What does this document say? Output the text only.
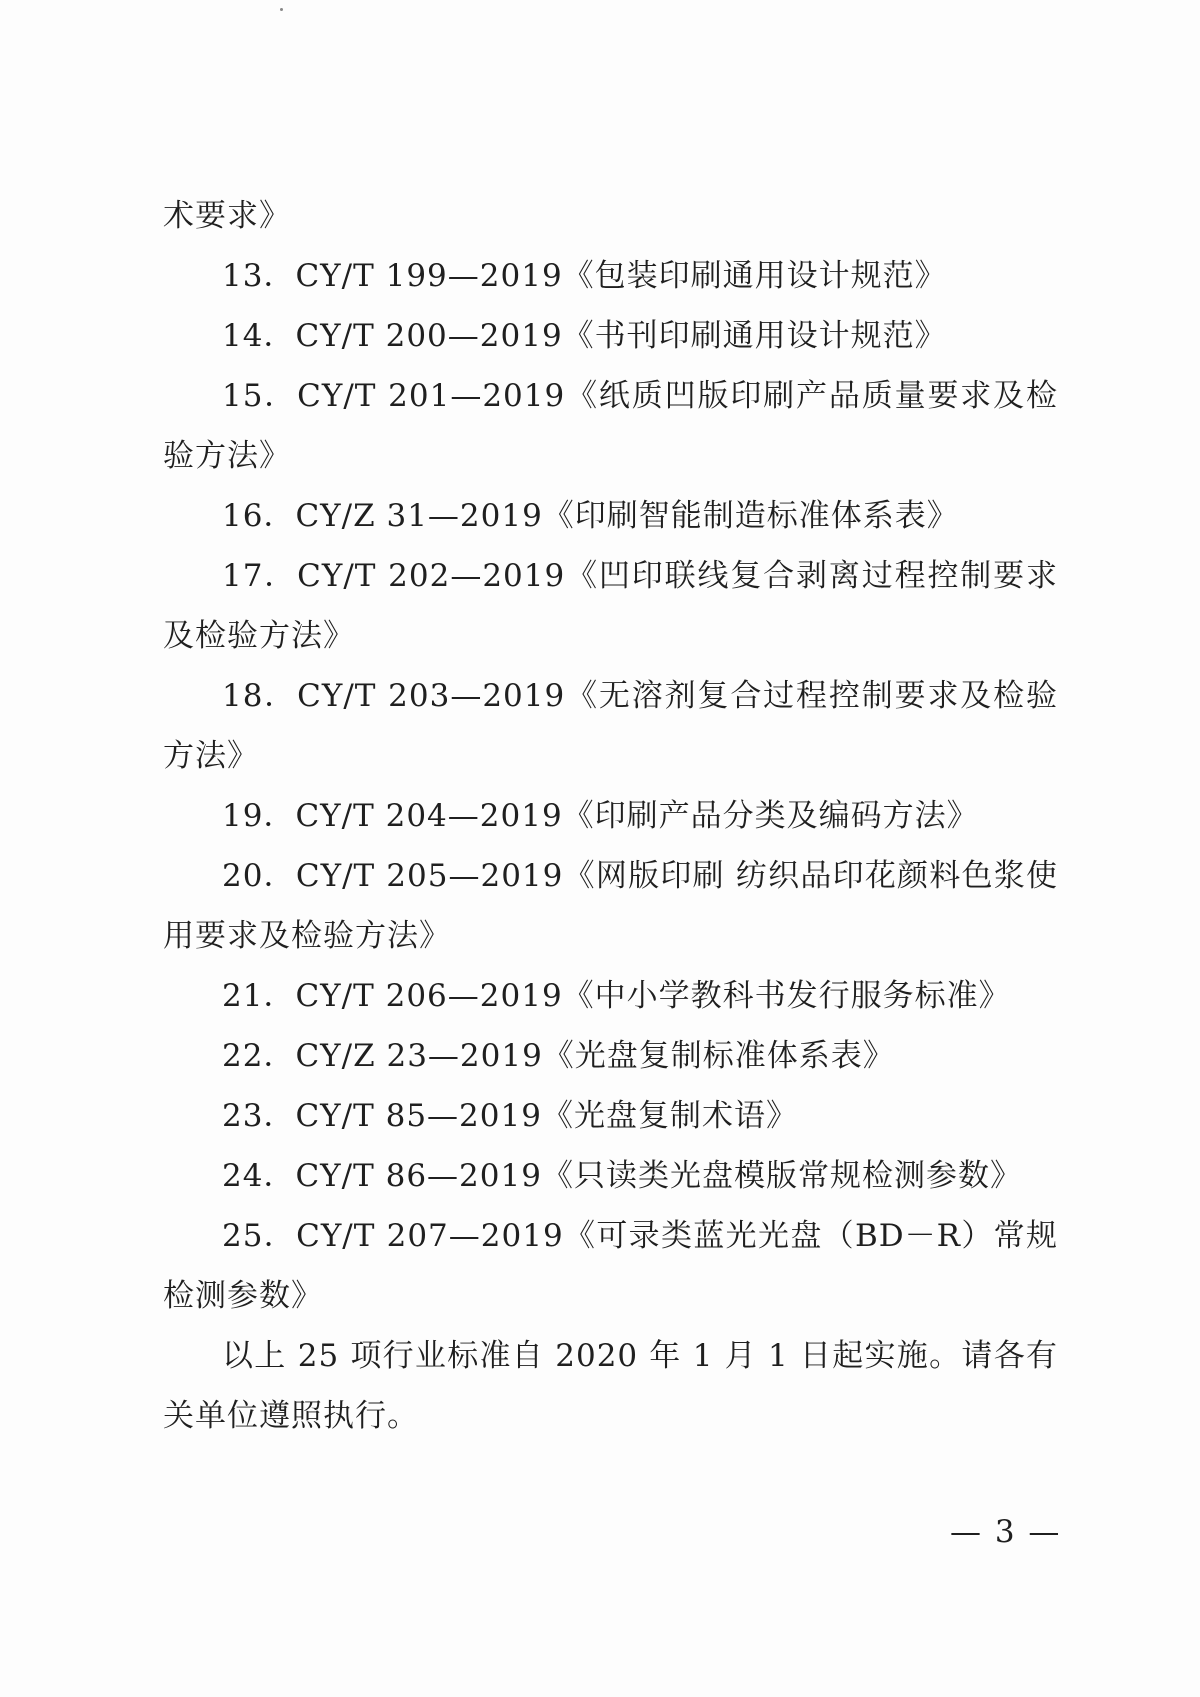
术要求》
13．CY/T 199—2019《包装印刷通用设计规范》
14．CY/T 200—2019《书刊印刷通用设计规范》
15．CY/T 201—2019《纸质凹版印刷产品质量要求及检
验方法》
16．CY/Z 31—2019《印刷智能制造标准体系表》
17．CY/T 202—2019《凹印联线复合剥离过程控制要求
及检验方法》
18．CY/T 203—2019《无溶剂复合过程控制要求及检验
方法》
19．CY/T 204—2019《印刷产品分类及编码方法》
20．CY/T 205—2019《网版印刷 纺织品印花颜料色浆使
用要求及检验方法》
21．CY/T 206—2019《中小学教科书发行服务标准》
22．CY/Z 23—2019《光盘复制标准体系表》
23．CY/T 85—2019《光盘复制术语》
24．CY/T 86—2019《只读类光盘模版常规检测参数》
25．CY/T 207—2019《可录类蓝光光盘（BD－R）常规
检测参数》
以上 25 项行业标准自 2020 年 1 月 1 日起实施。请各有
关单位遵照执行。
— 3 —
